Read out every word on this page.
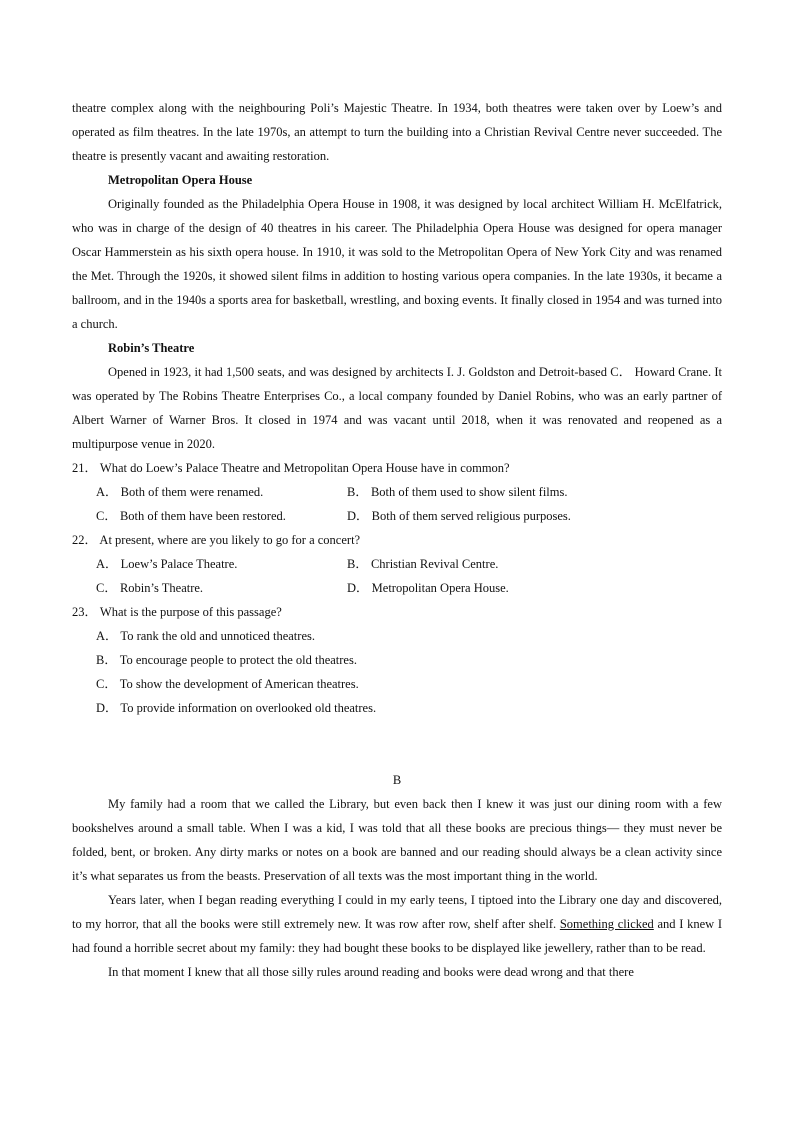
theatre complex along with the neighbouring Poli’s Majestic Theatre. In 1934, both theatres were taken over by Loew’s and operated as film theatres. In the late 1970s, an attempt to turn the building into a Christian Revival Centre never succeeded. The theatre is presently vacant and awaiting restoration.

Metropolitan Opera House

Originally founded as the Philadelphia Opera House in 1908, it was designed by local architect William H. McElfatrick, who was in charge of the design of 40 theatres in his career. The Philadelphia Opera House was designed for opera manager Oscar Hammerstein as his sixth opera house. In 1910, it was sold to the Metropolitan Opera of New York City and was renamed the Met. Through the 1920s, it showed silent films in addition to hosting various opera companies. In the late 1930s, it became a ballroom, and in the 1940s a sports area for basketball, wrestling, and boxing events. It finally closed in 1954 and was turned into a church.

Robin’s Theatre

Opened in 1923, it had 1,500 seats, and was designed by architects I. J. Goldston and Detroit-based C． Howard Crane. It was operated by The Robins Theatre Enterprises Co., a local company founded by Daniel Robins, who was an early partner of Albert Warner of Warner Bros. It closed in 1974 and was vacant until 2018, when it was renovated and reopened as a multipurpose venue in 2020.

21． What do Loew’s Palace Theatre and Metropolitan Opera House have in common?

A． Both of them were renamed.	B． Both of them used to show silent films.
C． Both of them have been restored.	D． Both of them served religious purposes.

22． At present, where are you likely to go for a concert?

A． Loew’s Palace Theatre.	B． Christian Revival Centre.
C． Robin’s Theatre.	D． Metropolitan Opera House.

23． What is the purpose of this passage?

A． To rank the old and unnoticed theatres.

B． To encourage people to protect the old theatres.

C． To show the development of American theatres.

D． To provide information on overlooked old theatres.

B

My family had a room that we called the Library, but even back then I knew it was just our dining room with a few bookshelves around a small table. When I was a kid, I was told that all these books are precious things— they must never be folded, bent, or broken. Any dirty marks or notes on a book are banned and our reading should always be a clean activity since it’s what separates us from the beasts. Preservation of all texts was the most important thing in the world.

Years later, when I began reading everything I could in my early teens, I tiptoed into the Library one day and discovered, to my horror, that all the books were still extremely new. It was row after row, shelf after shelf. Something clicked and I knew I had found a horrible secret about my family: they had bought these books to be displayed like jewellery, rather than to be read.

In that moment I knew that all those silly rules around reading and books were dead wrong and that there
